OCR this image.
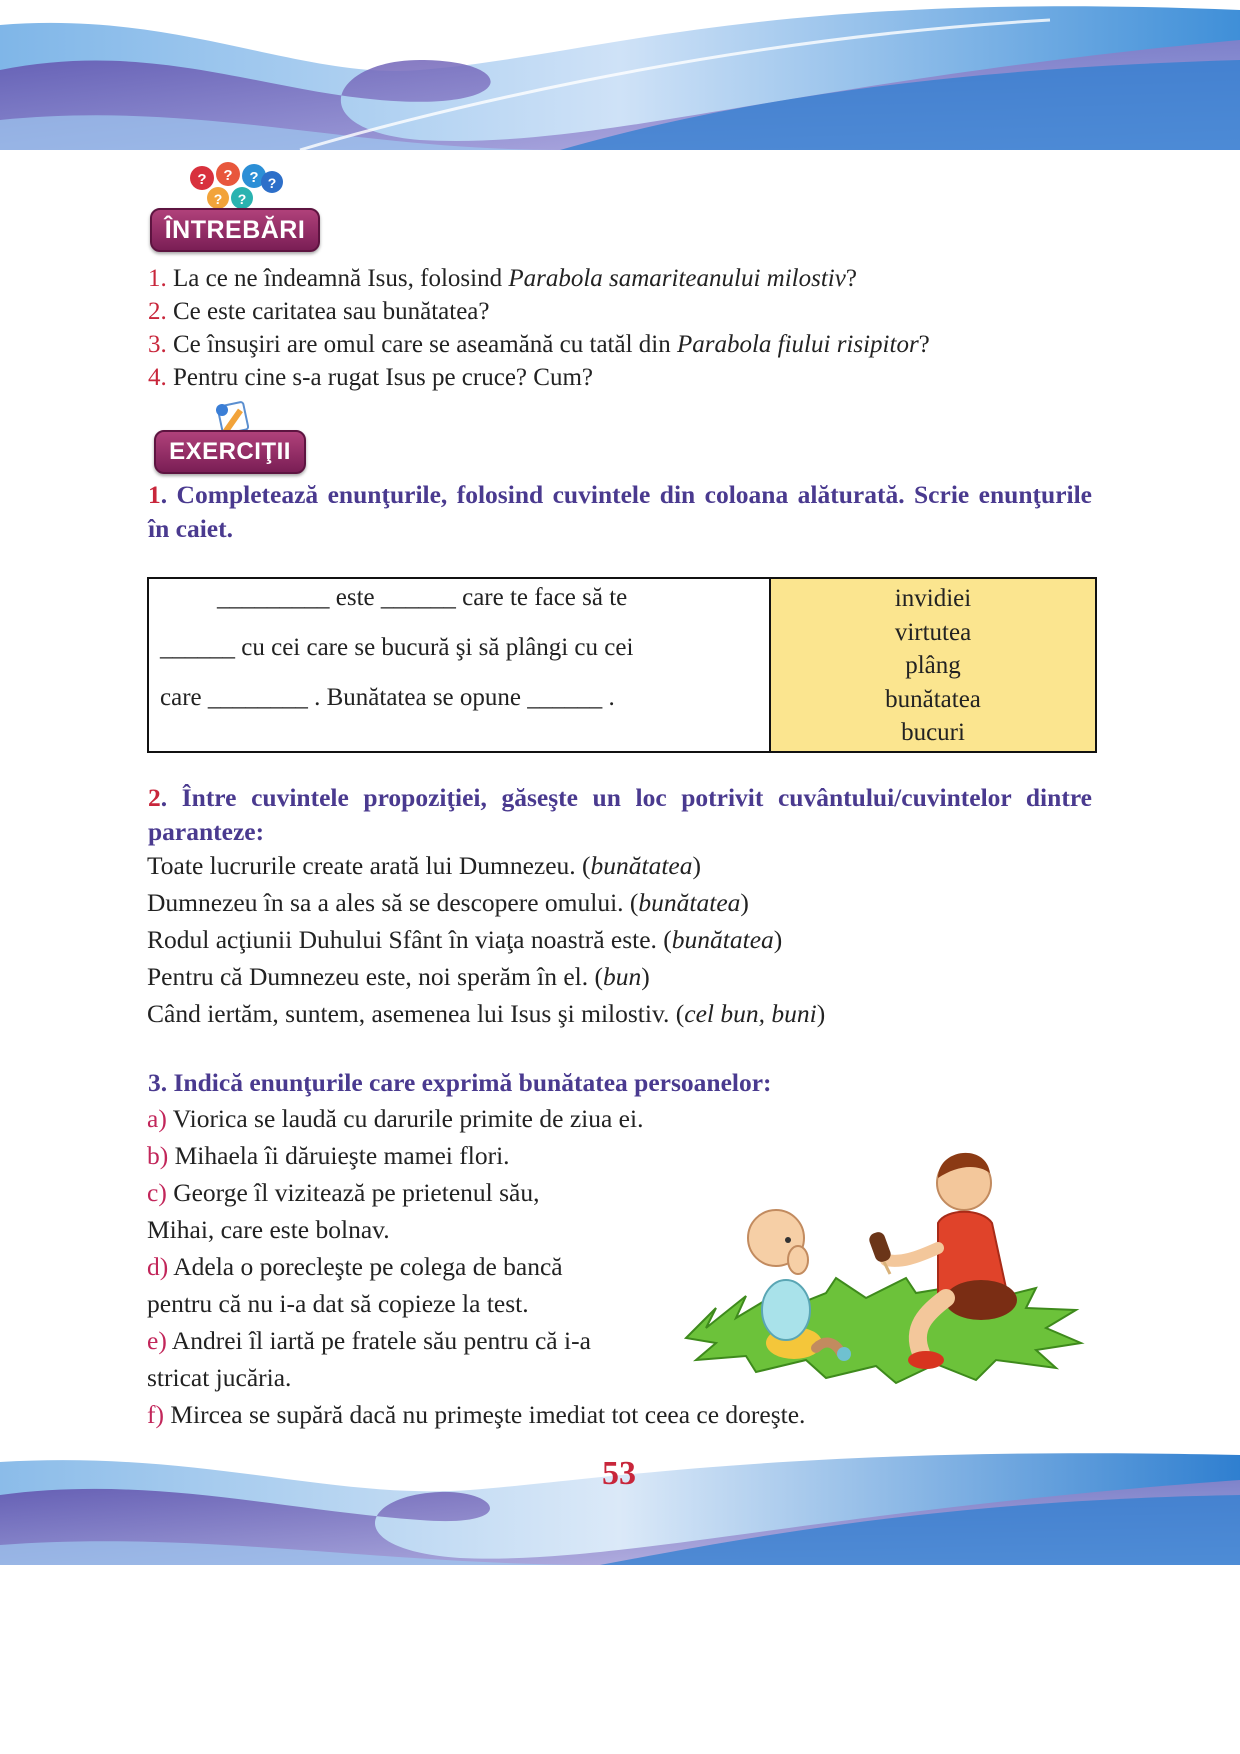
? ? ?
? ?
?
ÎNTREBĂRI
1. La ce ne îndeamnă Isus, folosind Parabola samariteanului milostiv?
2. Ce este caritatea sau bunătatea?
3. Ce însuşiri are omul care se aseamănă cu tatăl din Parabola fiului risipitor?
4. Pentru cine s-a rugat Isus pe cruce? Cum?
EXERCIŢII
1. Completează enunţurile, folosind cuvintele din coloana alăturată. Scrie enunţurile în caiet.
_________ este ______ care te face să te
______ cu cei care se bucură şi să plângi cu cei
care ________ . Bunătatea se opune ______ .

invidiei
virtutea
plâng
bunătatea
bucuri
2. Între cuvintele propoziţiei, găseşte un loc potrivit cuvântului/cuvintelor dintre paranteze:
Toate lucrurile create arată lui Dumnezeu. (bunătatea)
Dumnezeu în sa a ales să se descopere omului. (bunătatea)
Rodul acţiunii Duhului Sfânt în viaţa noastră este. (bunătatea)
Pentru că Dumnezeu este, noi sperăm în el. (bun)
Când iertăm, suntem, asemenea lui Isus şi milostiv. (cel bun, buni)
3. Indică enunţurile care exprimă bunătatea persoanelor:
a) Viorica se laudă cu darurile primite de ziua ei.
b) Mihaela îi dăruieşte mamei flori.
c) George îl vizitează pe prietenul său,
Mihai, care este bolnav.
d) Adela o porecleşte pe colega de bancă
pentru că nu i-a dat să copieze la test.
e) Andrei îl iartă pe fratele său pentru că i-a
stricat jucăria.
f) Mircea se supără dacă nu primeşte imediat tot ceea ce doreşte.
53
